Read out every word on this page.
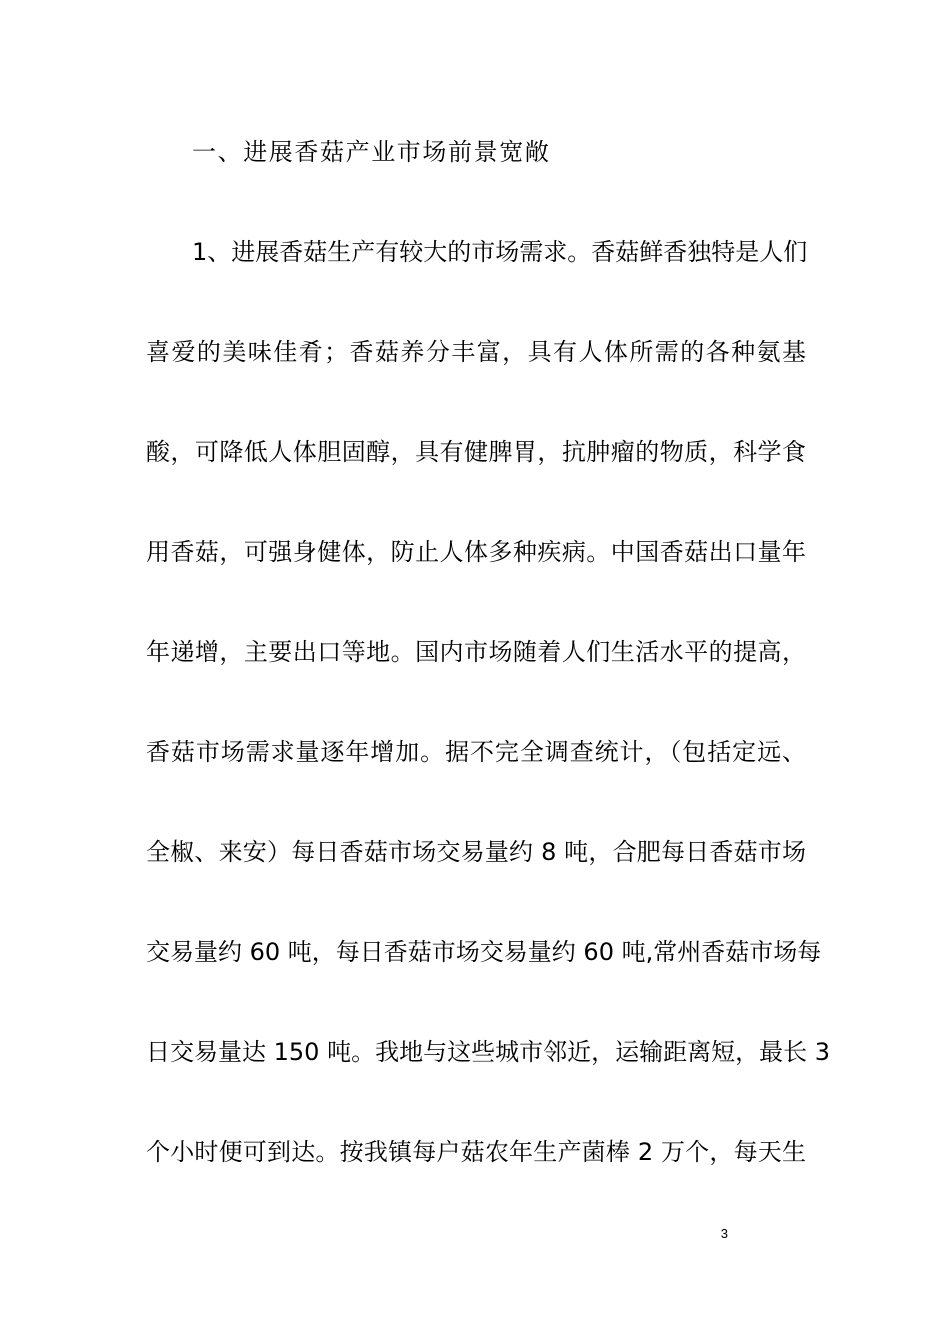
一、进展香菇产业市场前景宽敞
1、进展香菇生产有较大的市场需求。香菇鲜香独特是人们
喜爱的美味佳肴；香菇养分丰富，具有人体所需的各种氨基
酸，可降低人体胆固醇，具有健脾胃，抗肿瘤的物质，科学食
用香菇，可强身健体，防止人体多种疾病。中国香菇出口量年
年递增，主要出口等地。国内市场随着人们生活水平的提高，
香菇市场需求量逐年增加。据不完全调查统计，（包括定远、
全椒、来安）每日香菇市场交易量约 8 吨，合肥每日香菇市场
交易量约 60 吨，每日香菇市场交易量约 60 吨,常州香菇市场每
日交易量达 150 吨。我地与这些城市邻近，运输距离短，最长 3
个小时便可到达。按我镇每户菇农年生产菌棒 2 万个，每天生
3
